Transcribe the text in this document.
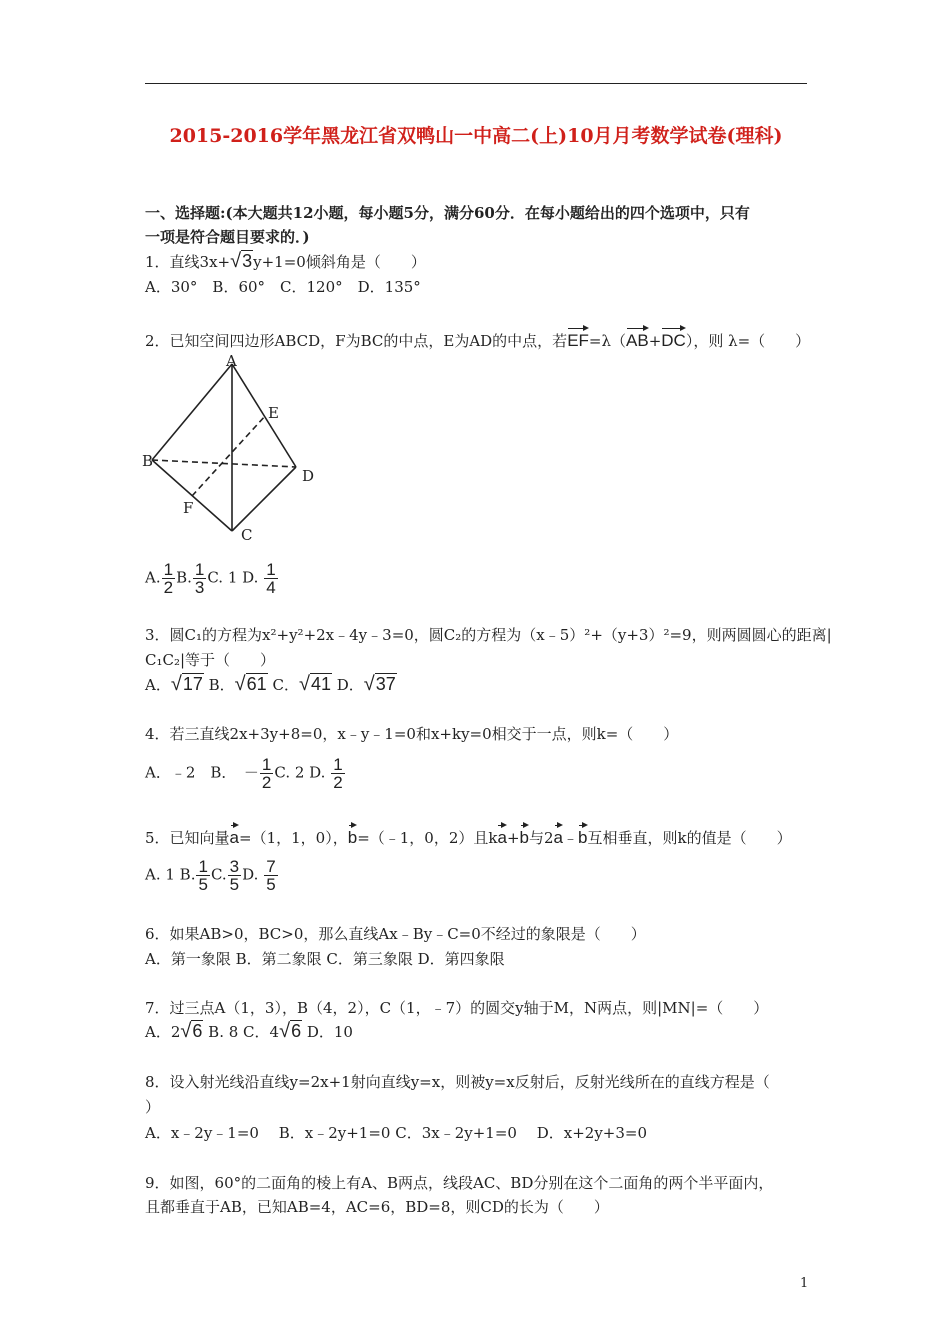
2015-2016学年黑龙江省双鸭山一中高二(上)10月月考数学试卷(理科)
一、选择题:(本大题共12小题，每小题5分，满分60分．在每小题给出的四个选项中，只有
一项是符合题目要求的．)
1．直线3x+√3y+1=0倾斜角是（　　）
A．30°　B．60°　C．120°　D．135°
2．已知空间四边形ABCD，F为BC的中点，E为AD的中点，若EF=λ（AB+DC），则 λ=（　　）
A
B
C
D
E
F
A. $\frac{1}{2} B$. $\frac{1}{3} C$. 1 D. $\frac{1}{4}$
3．圆C₁的方程为x²+y²+2x﹣4y﹣3=0，圆C₂的方程为（x﹣5）²+（y+3）²=9，则两圆圆心的距离|
C₁C₂|等于（　　）
A．√17 B．√61 C．√41 D．√37
4．若三直线2x+3y+8=0，x﹣y﹣1=0和x+ky=0相交于一点，则k=（　　）
A．﹣2　B．　－ $\frac{1}{2} C$. 2 D. $\frac{1}{2}$
5．已知向量a=（1，1，0），b=（﹣1，0，2）且ka+b与2a﹣b互相垂直，则k的值是（　　）
A. 1 B. $\frac{1}{5} C$. $\frac{3}{5} D$. $\frac{7}{5}$
6．如果AB>0，BC>0，那么直线Ax﹣By﹣C=0不经过的象限是（　　）
A．第一象限 B．第二象限 C．第三象限 D．第四象限
7．过三点A（1，3），B（4，2），C（1，﹣7）的圆交y轴于M，N两点，则|MN|=（　　）
A．2√6 B. 8 C．4√6 D．10
8．设入射光线沿直线y=2x+1射向直线y=x，则被y=x反射后，反射光线所在的直线方程是（
）
A．x﹣2y﹣1=0　 B．x﹣2y+1=0 C．3x﹣2y+1=0　 D．x+2y+3=0
9．如图，60°的二面角的棱上有A、B两点，线段AC、BD分别在这个二面角的两个半平面内，
且都垂直于AB，已知AB=4，AC=6，BD=8，则CD的长为（　　）
1
